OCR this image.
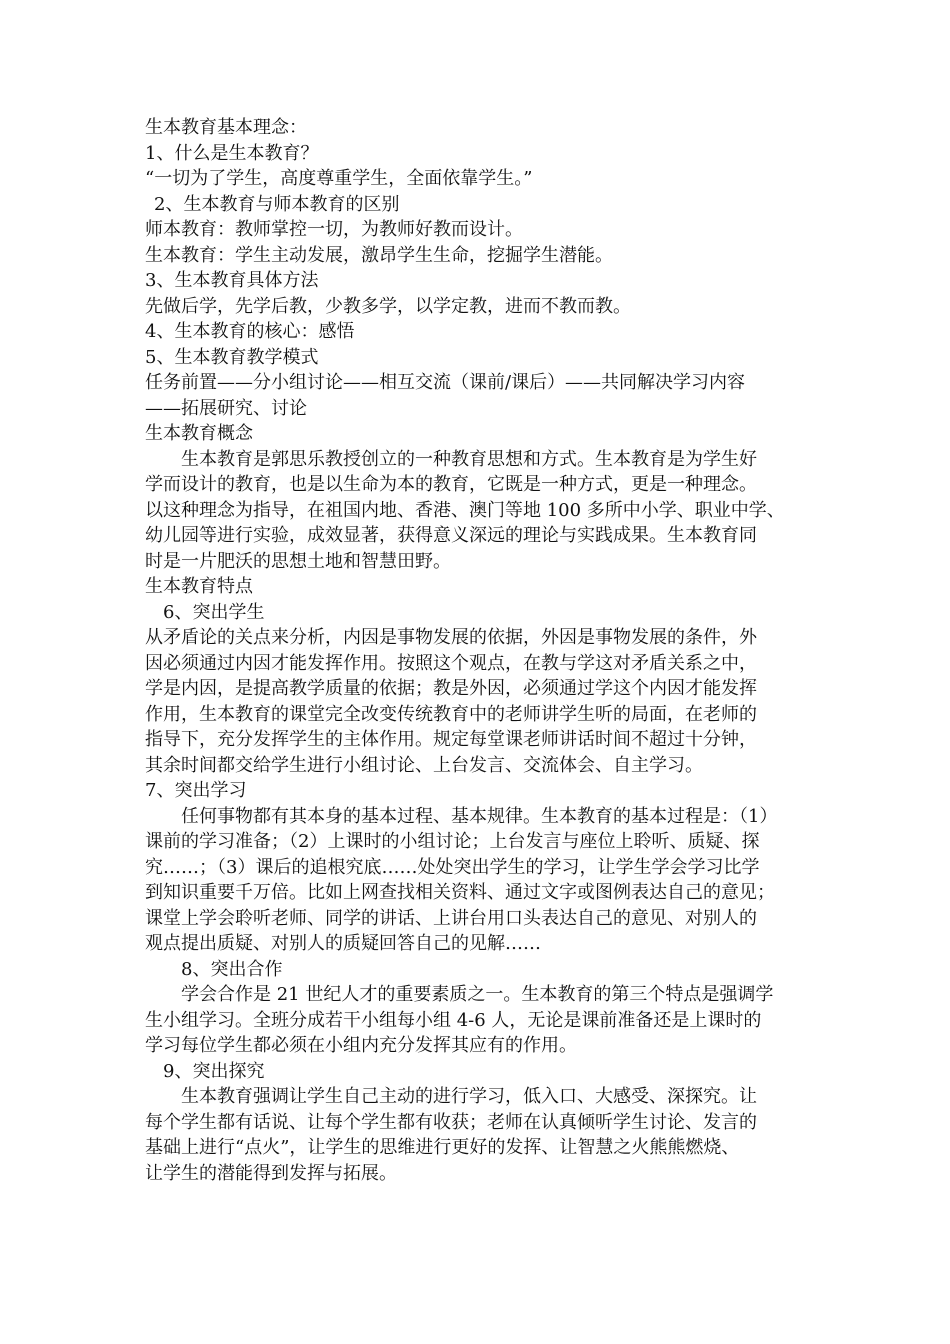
生本教育基本理念：

1、什么是生本教育？

“一切为了学生，高度尊重学生，全面依靠学生。”

2、生本教育与师本教育的区别

师本教育：教师掌控一切，为教师好教而设计。

生本教育：学生主动发展，激昂学生生命，挖掘学生潜能。

3、生本教育具体方法

先做后学，先学后教，少教多学，以学定教，进而不教而教。

4、生本教育的核心：感悟

5、生本教育教学模式

任务前置——分小组讨论——相互交流（课前/课后）——共同解决学习内容

——拓展研究、讨论

生本教育概念

生本教育是郭思乐教授创立的一种教育思想和方式。生本教育是为学生好

学而设计的教育，也是以生命为本的教育，它既是一种方式，更是一种理念。

以这种理念为指导，在祖国内地、香港、澳门等地 100 多所中小学、职业中学、

幼儿园等进行实验，成效显著，获得意义深远的理论与实践成果。生本教育同

时是一片肥沃的思想土地和智慧田野。

生本教育特点

6、突出学生

从矛盾论的关点来分析，内因是事物发展的依据，外因是事物发展的条件，外

因必须通过内因才能发挥作用。按照这个观点，在教与学这对矛盾关系之中，

学是内因，是提高教学质量的依据；教是外因，必须通过学这个内因才能发挥

作用，生本教育的课堂完全改变传统教育中的老师讲学生听的局面，在老师的

指导下，充分发挥学生的主体作用。规定每堂课老师讲话时间不超过十分钟，

其余时间都交给学生进行小组讨论、上台发言、交流体会、自主学习。

7、突出学习

任何事物都有其本身的基本过程、基本规律。生本教育的基本过程是：（1）

课前的学习准备；（2）上课时的小组讨论；上台发言与座位上聆听、质疑、探

究……；（3）课后的追根究底……处处突出学生的学习，让学生学会学习比学

到知识重要千万倍。比如上网查找相关资料、通过文字或图例表达自己的意见；

课堂上学会聆听老师、同学的讲话、上讲台用口头表达自己的意见、对别人的

观点提出质疑、对别人的质疑回答自己的见解……

8、突出合作

学会合作是 21 世纪人才的重要素质之一。生本教育的第三个特点是强调学

生小组学习。全班分成若干小组每小组 4-6 人，无论是课前准备还是上课时的

学习每位学生都必须在小组内充分发挥其应有的作用。

9、突出探究

生本教育强调让学生自己主动的进行学习，低入口、大感受、深探究。让

每个学生都有话说、让每个学生都有收获；老师在认真倾听学生讨论、发言的

基础上进行“点火”，让学生的思维进行更好的发挥、让智慧之火熊熊燃烧、

让学生的潜能得到发挥与拓展。
